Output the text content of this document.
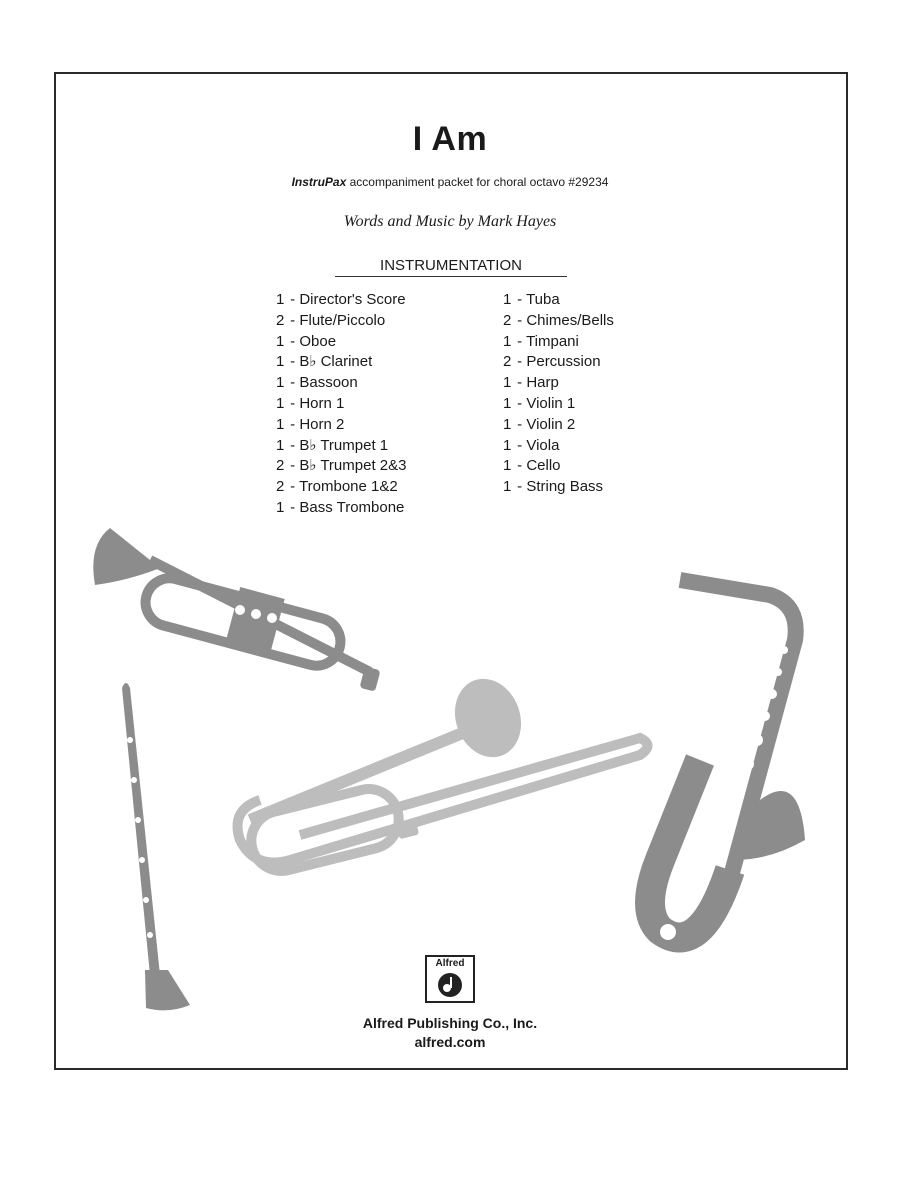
I Am
InstruPax accompaniment packet for choral octavo #29234
Words and Music by Mark Hayes
INSTRUMENTATION
1 - Director's Score
2 - Flute/Piccolo
1 - Oboe
1 - B♭ Clarinet
1 - Bassoon
1 - Horn 1
1 - Horn 2
1 - B♭ Trumpet 1
2 - B♭ Trumpet 2&3
2 - Trombone 1&2
1 - Bass Trombone
1 - Tuba
2 - Chimes/Bells
1 - Timpani
2 - Percussion
1 - Harp
1 - Violin 1
1 - Violin 2
1 - Viola
1 - Cello
1 - String Bass
Alfred
Alfred Publishing Co., Inc.
alfred.com
